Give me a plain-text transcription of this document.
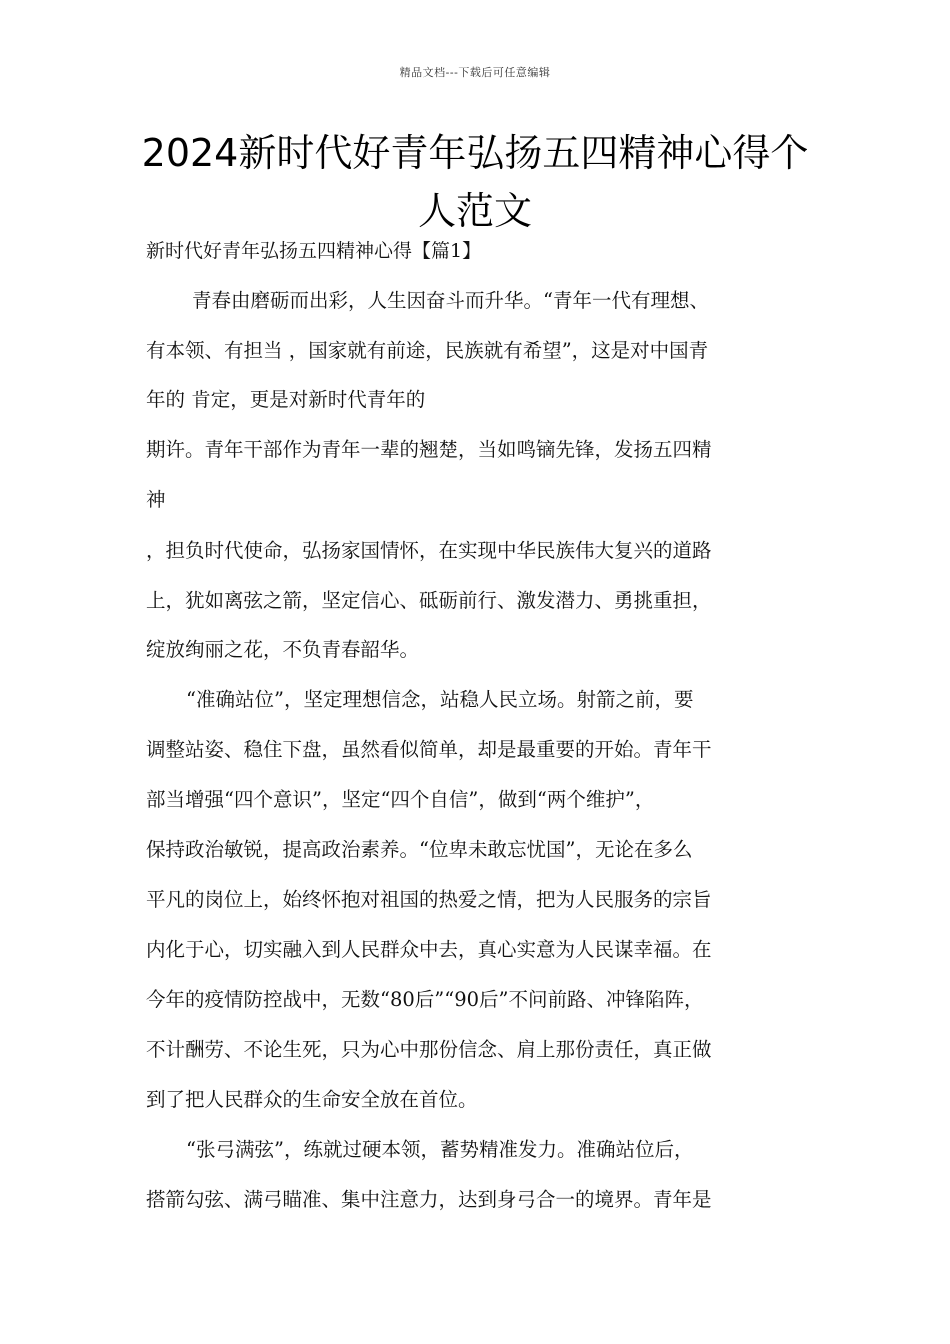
精品文档---下载后可任意编辑
2024新时代好青年弘扬五四精神心得个
人范文
新时代好青年弘扬五四精神心得【篇1】
青春由磨砺而出彩，人生因奋斗而升华。“青年一代有理想、
有本领、有担当 ，国家就有前途，民族就有希望”，这是对中国青
年的 肯定，更是对新时代青年的
期许。青年干部作为青年一辈的翘楚，当如鸣镝先锋，发扬五四精
神
，担负时代使命，弘扬家国情怀，在实现中华民族伟大复兴的道路
上，犹如离弦之箭，坚定信心、砥砺前行、激发潜力、勇挑重担，
绽放绚丽之花，不负青春韶华。
“准确站位”，坚定理想信念，站稳人民立场。射箭之前，要
调整站姿、稳住下盘，虽然看似简单，却是最重要的开始。青年干
部当增强“四个意识”，坚定“四个自信”，做到“两个维护”，
保持政治敏锐，提高政治素养。“位卑未敢忘忧国”，无论在多么
平凡的岗位上，始终怀抱对祖国的热爱之情，把为人民服务的宗旨
内化于心，切实融入到人民群众中去，真心实意为人民谋幸福。在
今年的疫情防控战中，无数“80后”“90后”不问前路、冲锋陷阵，
不计酬劳、不论生死，只为心中那份信念、肩上那份责任，真正做
到了把人民群众的生命安全放在首位。
“张弓满弦”，练就过硬本领，蓄势精准发力。准确站位后，
搭箭勾弦、满弓瞄准、集中注意力，达到身弓合一的境界。青年是
